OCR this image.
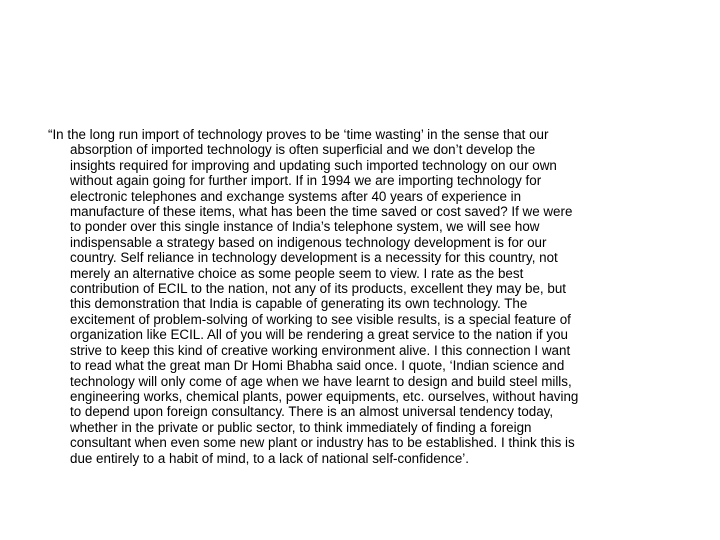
“In the long run import of technology proves to be ‘time wasting’ in the sense that our
absorption of imported technology is often superficial and we don’t develop the
insights required for improving and updating such imported technology on our own
without again going for further import. If in 1994 we are importing technology for
electronic telephones and exchange systems after 40 years of experience in
manufacture of these items, what has been the time saved or cost saved? If we were
to ponder over this single instance of India’s telephone system, we will see how
indispensable a strategy based on indigenous technology development is for our
country. Self reliance in technology development is a necessity for this country, not
merely an alternative choice as some people seem to view. I rate as the best
contribution of ECIL to the nation, not any of its products, excellent they may be, but
this demonstration that India is capable of generating its own technology. The
excitement of problem-solving of working to see visible results, is a special feature of
organization like ECIL. All of you will be rendering a great service to the nation if you
strive to keep this kind of creative working environment alive. I this connection I want
to read what the great man Dr Homi Bhabha said once. I quote, ‘Indian science and
technology will only come of age when we have learnt to design and build steel mills,
engineering works, chemical plants, power equipments, etc. ourselves, without having
to depend upon foreign consultancy. There is an almost universal tendency today,
whether in the private or public sector, to think immediately of finding a foreign
consultant when even some new plant or industry has to be established. I think this is
due entirely to a habit of mind, to a lack of national self-confidence’.
